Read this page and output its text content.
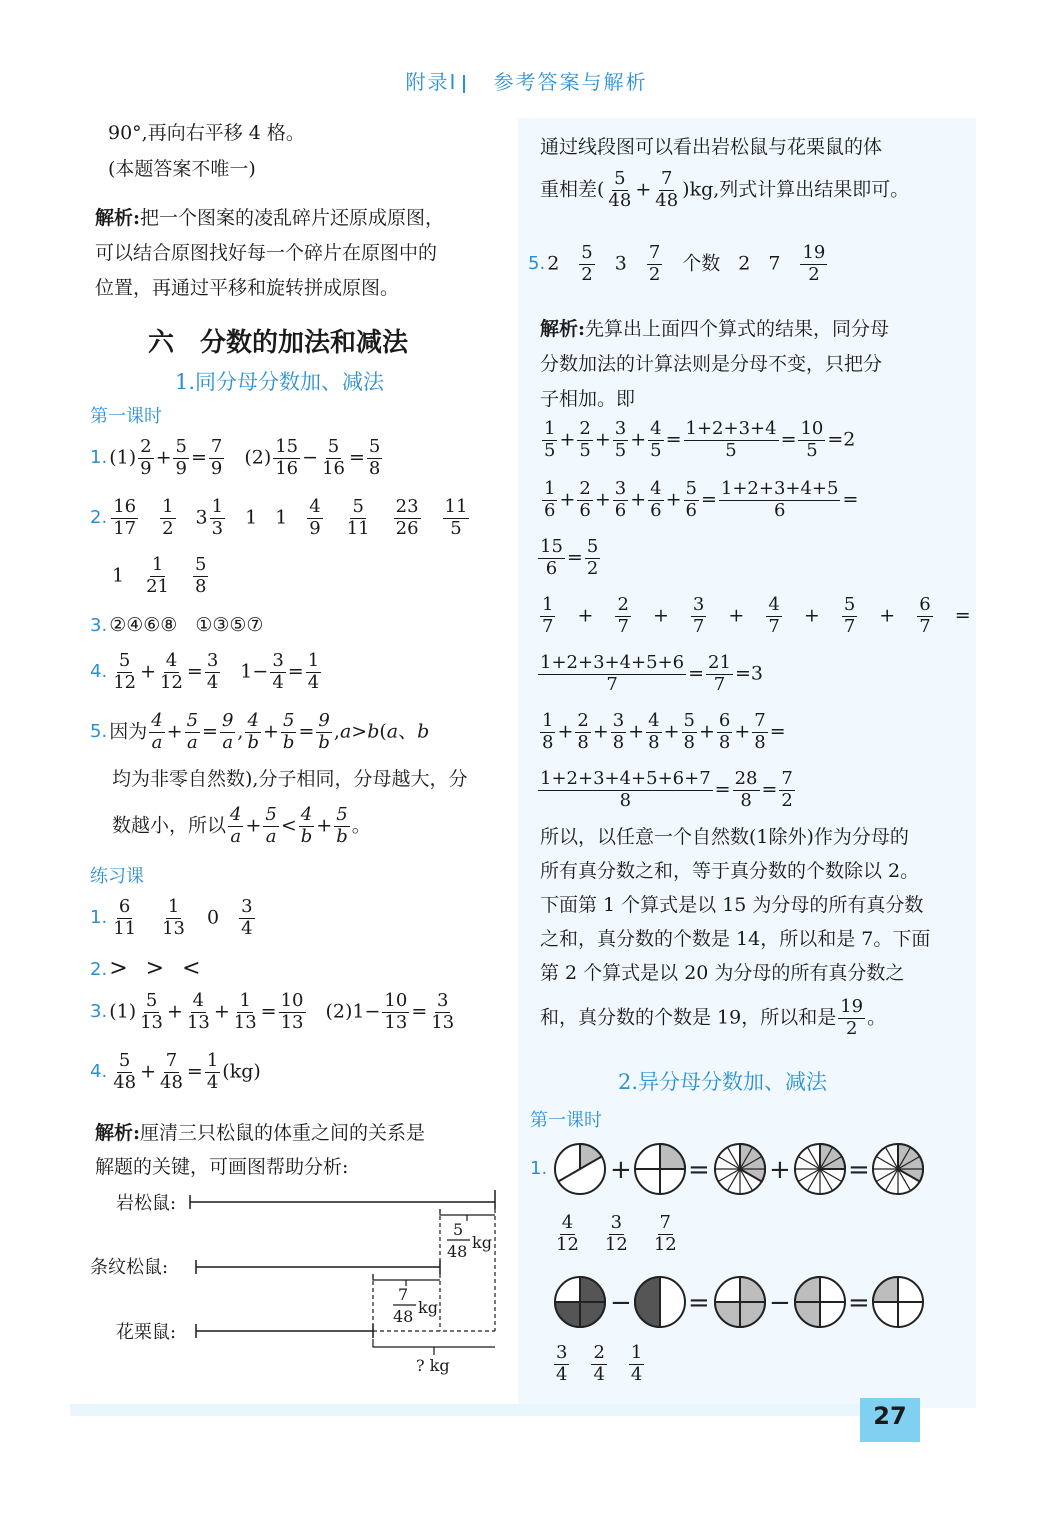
附录Ⅰ 参考答案与解析
90°,再向右平移 4 格。
(本题答案不唯一)
解析:把一个图案的凌乱碎片还原成原图，
可以结合原图找好每一个碎片在原图中的
位置，再通过平移和旋转拼成原图。
六 分数的加法和减法
1.同分母分数加、减法
第一课时
1. $(1) \frac{2}{9} + \frac{5}{9} = \frac{7}{9} (2) \frac{15}{16} - \frac{5}{16} = \frac{5}{8}$
2. $\frac{16}{17} \frac{1}{2} 3 \frac{1}{3} 1$ $1 \frac{4}{9} \frac{5}{11} \frac{23}{26} \frac{11}{5}$
$1 \frac{1}{21} \frac{5}{8}$
3. ②④⑥⑧ ①③⑤⑦
4. $\frac{5}{12} + \frac{4}{12} = \frac{3}{4} 1- \frac{3}{4} = \frac{1}{4}$
5. 因为 $\frac{4}{a} + \frac{5}{a} = \frac{9}{a}$ , $\frac{4}{b} + \frac{5}{b} = \frac{9}{b} ,a>b(a$、b
均为非零自然数),分子相同，分母越大，分
数越小，所以 $\frac{4}{a} + \frac{5}{a} < \frac{4}{b} + \frac{5}{b}$ 。
练习课
1. $\frac{6}{11} \frac{1}{13} 0 \frac{3}{4}$
2.> > <
3. $(1) \frac{5}{13} + \frac{4}{13} + \frac{1}{13} = \frac{10}{13} (2)1- \frac{10}{13} = \frac{3}{13}$
4. $\frac{5}{48} + \frac{7}{48} = \frac{1}{4} (kg)$
解析:厘清三只松鼠的体重之间的关系是
解题的关键，可画图帮助分析:
岩松鼠:
条纹松鼠:
花栗鼠:
5
48 kg
7
48 kg
? kg
通过线段图可以看出岩松鼠与花栗鼠的体
重相差( $\frac{5}{48} + \frac{7}{48} )kg$,列式计算出结果即可。
5. $2 \frac{5}{2} 3 \frac{7}{2}$ 个数 2 $7 \frac{19}{2}$
解析:先算出上面四个算式的结果，同分母
分数加法的计算法则是分母不变，只把分
子相加。即
$\frac{1}{5} + \frac{2}{5} + \frac{3}{5} + \frac{4}{5} = \frac{1+2+3+4}{5} = \frac{10}{5} =2$
$\frac{1}{6} + \frac{2}{6} + \frac{3}{6} + \frac{4}{6} + \frac{5}{6} = \frac{1+2+3+4+5}{6}$ =
$\frac{15}{6} = \frac{5}{2}$
$\frac{1}{7} + \frac{2}{7} + \frac{3}{7} + \frac{4}{7} + \frac{5}{7} + \frac{6}{7}$ =
$\frac{1+2+3+4+5+6}{7} = \frac{21}{7} =3$
$\frac{1}{8} + \frac{2}{8} + \frac{3}{8} + \frac{4}{8} + \frac{5}{8} + \frac{6}{8} + \frac{7}{8}$ =
$\frac{1+2+3+4+5+6+7}{8} = \frac{28}{8} = \frac{7}{2}$
所以，以任意一个自然数(1除外)作为分母的
所有真分数之和，等于真分数的个数除以 2。
下面第 1 个算式是以 15 为分母的所有真分数
之和，真分数的个数是 14，所以和是 7。下面
第 2 个算式是以 20 为分母的所有真分数之
和，真分数的个数是 19，所以和是 $\frac{19}{2}$ 。
2.异分母分数加、减法
第一课时
1. + = + =
$\frac{4}{12} \frac{3}{12} \frac{7}{12}$
− = − =
$\frac{3}{4} \frac{2}{4} \frac{1}{4}$
27
